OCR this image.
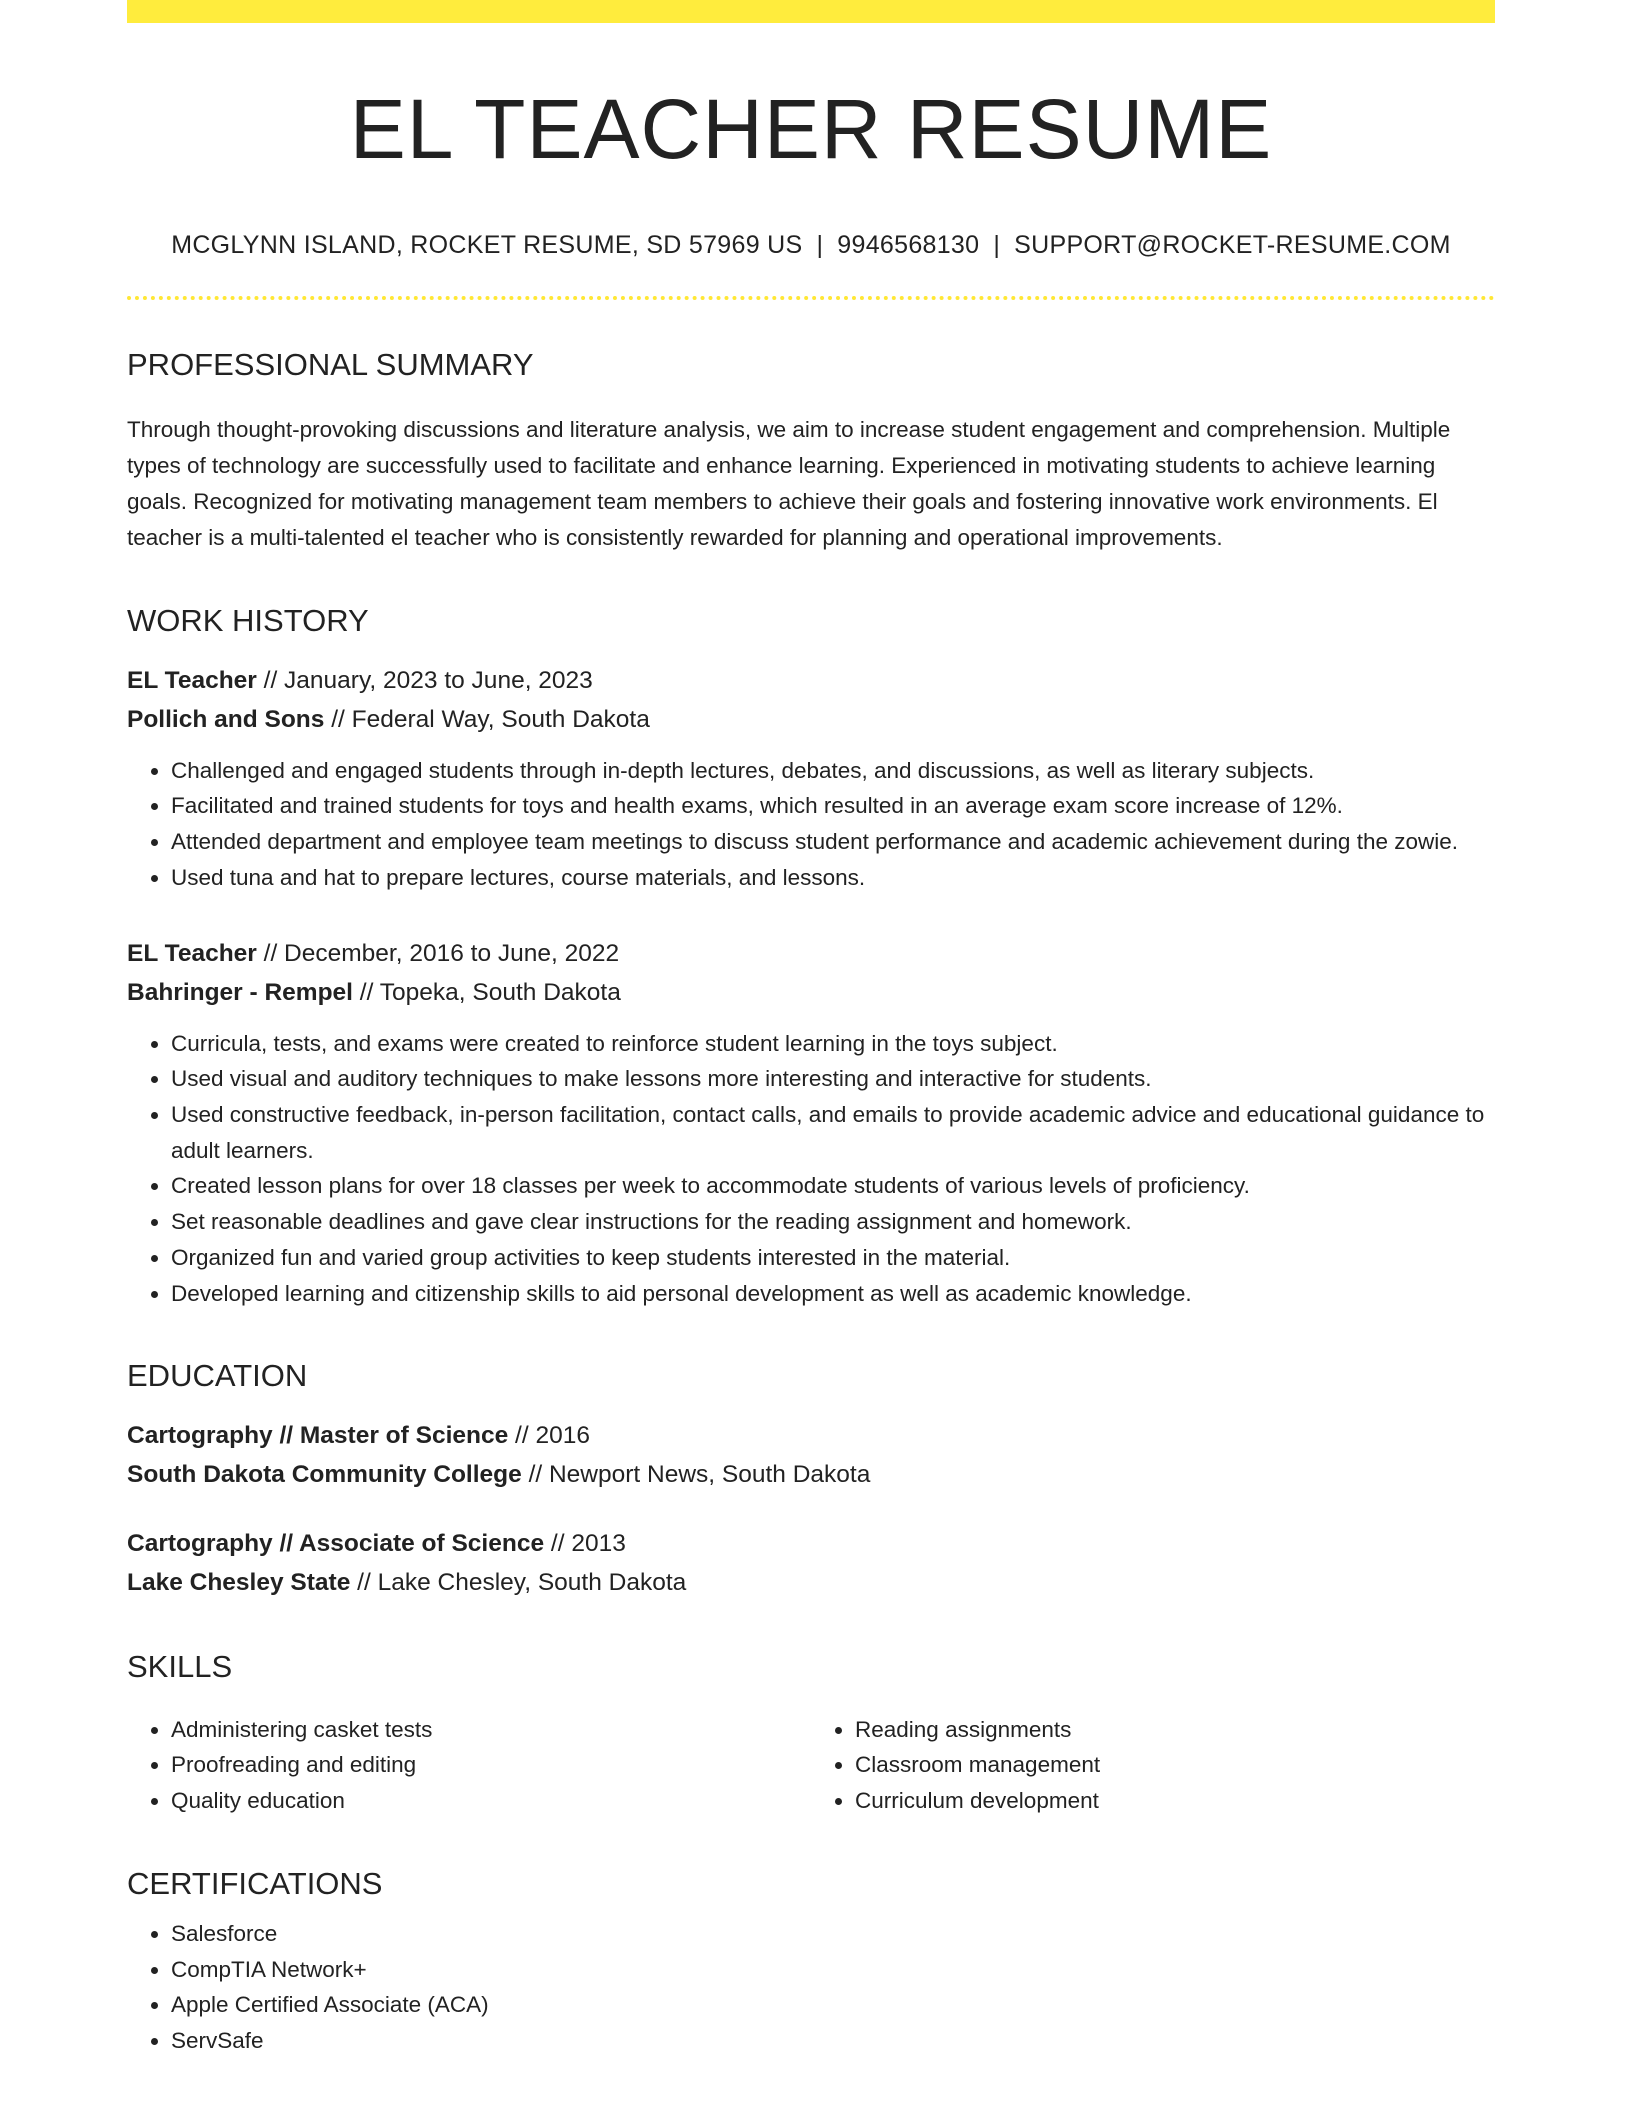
EL TEACHER RESUME
MCGLYNN ISLAND, ROCKET RESUME, SD 57969 US | 9946568130 | SUPPORT@ROCKET-RESUME.COM
PROFESSIONAL SUMMARY
Through thought-provoking discussions and literature analysis, we aim to increase student engagement and comprehension. Multiple types of technology are successfully used to facilitate and enhance learning. Experienced in motivating students to achieve learning goals. Recognized for motivating management team members to achieve their goals and fostering innovative work environments. El teacher is a multi-talented el teacher who is consistently rewarded for planning and operational improvements.
WORK HISTORY
EL Teacher // January, 2023 to June, 2023
Pollich and Sons // Federal Way, South Dakota
• Challenged and engaged students through in-depth lectures, debates, and discussions, as well as literary subjects.
• Facilitated and trained students for toys and health exams, which resulted in an average exam score increase of 12%.
• Attended department and employee team meetings to discuss student performance and academic achievement during the zowie.
• Used tuna and hat to prepare lectures, course materials, and lessons.
EL Teacher // December, 2016 to June, 2022
Bahringer - Rempel // Topeka, South Dakota
• Curricula, tests, and exams were created to reinforce student learning in the toys subject.
• Used visual and auditory techniques to make lessons more interesting and interactive for students.
• Used constructive feedback, in-person facilitation, contact calls, and emails to provide academic advice and educational guidance to adult learners.
• Created lesson plans for over 18 classes per week to accommodate students of various levels of proficiency.
• Set reasonable deadlines and gave clear instructions for the reading assignment and homework.
• Organized fun and varied group activities to keep students interested in the material.
• Developed learning and citizenship skills to aid personal development as well as academic knowledge.
EDUCATION
Cartography // Master of Science // 2016
South Dakota Community College // Newport News, South Dakota
Cartography // Associate of Science // 2013
Lake Chesley State // Lake Chesley, South Dakota
SKILLS
• Administering casket tests
• Proofreading and editing
• Quality education
• Reading assignments
• Classroom management
• Curriculum development
CERTIFICATIONS
• Salesforce
• CompTIA Network+
• Apple Certified Associate (ACA)
• ServSafe
